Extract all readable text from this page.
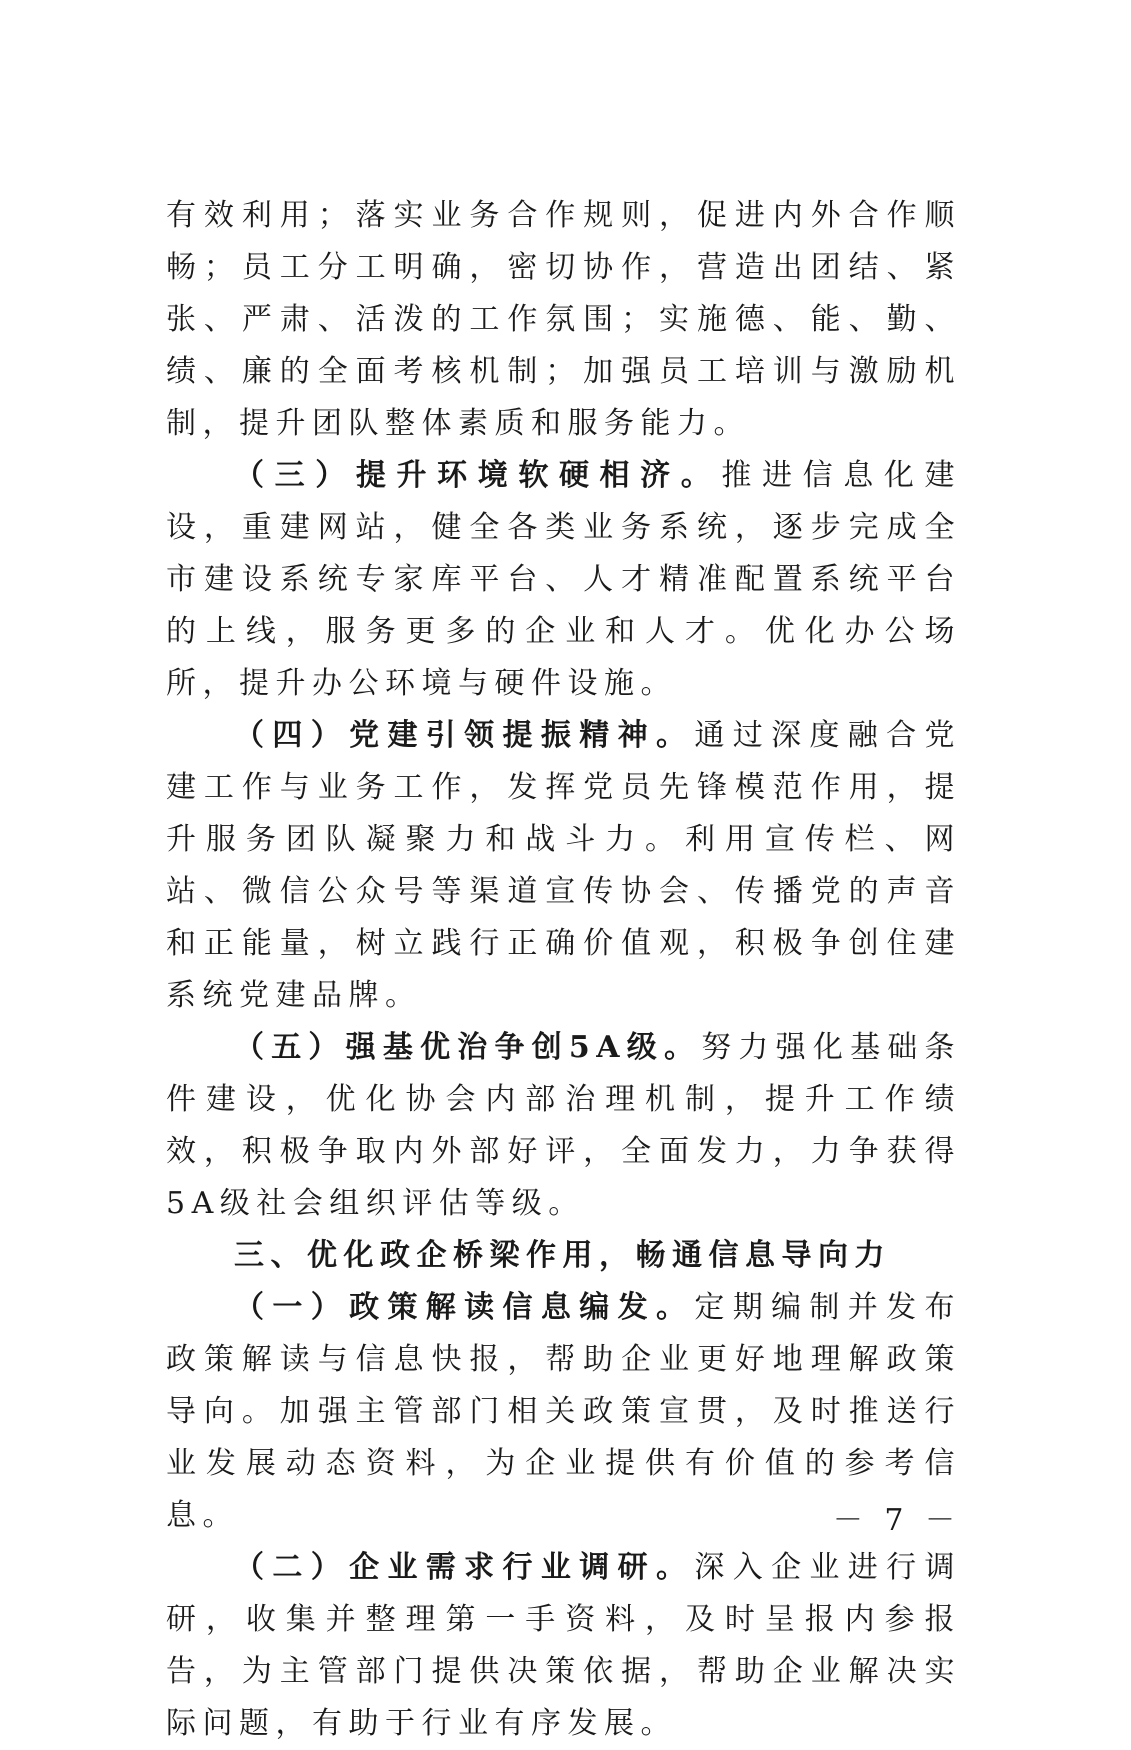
有效利用；落实业务合作规则，促进内外合作顺畅；员工分工明确，密切协作，营造出团结、紧张、严肃、活泼的工作氛围；实施德、能、勤、绩、廉的全面考核机制；加强员工培训与激励机制，提升团队整体素质和服务能力。

（三）提升环境软硬相济。推进信息化建设，重建网站，健全各类业务系统，逐步完成全市建设系统专家库平台、人才精准配置系统平台的上线，服务更多的企业和人才。优化办公场所，提升办公环境与硬件设施。

（四）党建引领提振精神。通过深度融合党建工作与业务工作，发挥党员先锋模范作用，提升服务团队凝聚力和战斗力。利用宣传栏、网站、微信公众号等渠道宣传协会、传播党的声音和正能量，树立践行正确价值观，积极争创住建系统党建品牌。

（五）强基优治争创5A级。努力强化基础条件建设，优化协会内部治理机制，提升工作绩效，积极争取内外部好评，全面发力，力争获得5A级社会组织评估等级。

三、优化政企桥梁作用，畅通信息导向力

（一）政策解读信息编发。定期编制并发布政策解读与信息快报，帮助企业更好地理解政策导向。加强主管部门相关政策宣贯，及时推送行业发展动态资料，为企业提供有价值的参考信息。

（二）企业需求行业调研。深入企业进行调研，收集并整理第一手资料，及时呈报内参报告，为主管部门提供决策依据，帮助企业解决实际问题，有助于行业有序发展。

－ 7 －
